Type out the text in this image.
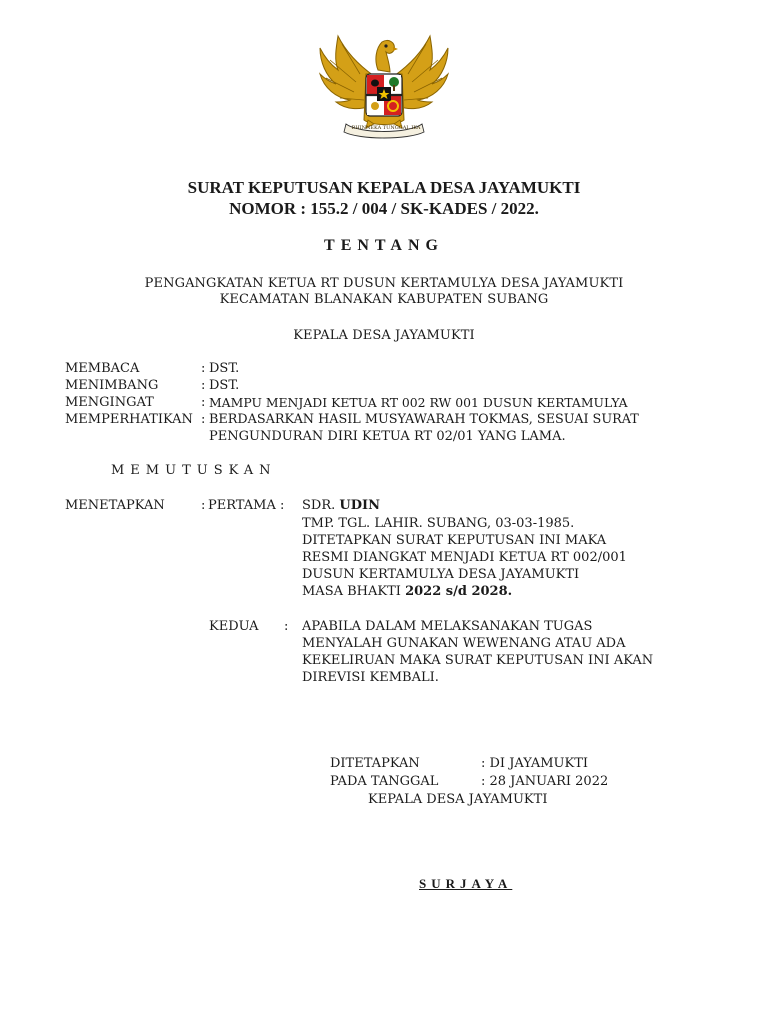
BHINNEKA TUNGGAL IKA
SURAT KEPUTUSAN KEPALA DESA JAYAMUKTI
NOMOR : 155.2 / 004 / SK-KADES / 2022.
TENTANG
PENGANGKATAN KETUA RT DUSUN KERTAMULYA DESA JAYAMUKTI
KECAMATAN BLANAKAN KABUPATEN SUBANG
KEPALA DESA JAYAMUKTI
MEMBACA	: DST.
MENIMBANG	: DST.
MENGINGAT	: MAMPU MENJADI KETUA RT 002 RW 001 DUSUN KERTAMULYA
MEMPERHATIKAN : BERDASARKAN HASIL MUSYAWARAH TOKMAS, SESUAI SURAT
PENGUNDURAN DIRI KETUA RT 02/01 YANG LAMA.
MEMUTUSKAN
MENETAPKAN	: PERTAMA : SDR. UDIN
TMP. TGL. LAHIR. SUBANG, 03-03-1985.
DITETAPKAN SURAT KEPUTUSAN INI MAKA
RESMI DIANGKAT MENJADI KETUA RT 002/001
DUSUN KERTAMULYA DESA JAYAMUKTI
MASA BHAKTI 2022 s/d 2028.
KEDUA : APABILA DALAM MELAKSANAKAN TUGAS
MENYALAH GUNAKAN WEWENANG ATAU ADA
KEKELIRUAN MAKA SURAT KEPUTUSAN INI AKAN
DIREVISI KEMBALI.
DITETAPKAN	: DI JAYAMUKTI
PADA TANGGAL	: 28 JANUARI 2022
KEPALA DESA JAYAMUKTI
SURJAYA
